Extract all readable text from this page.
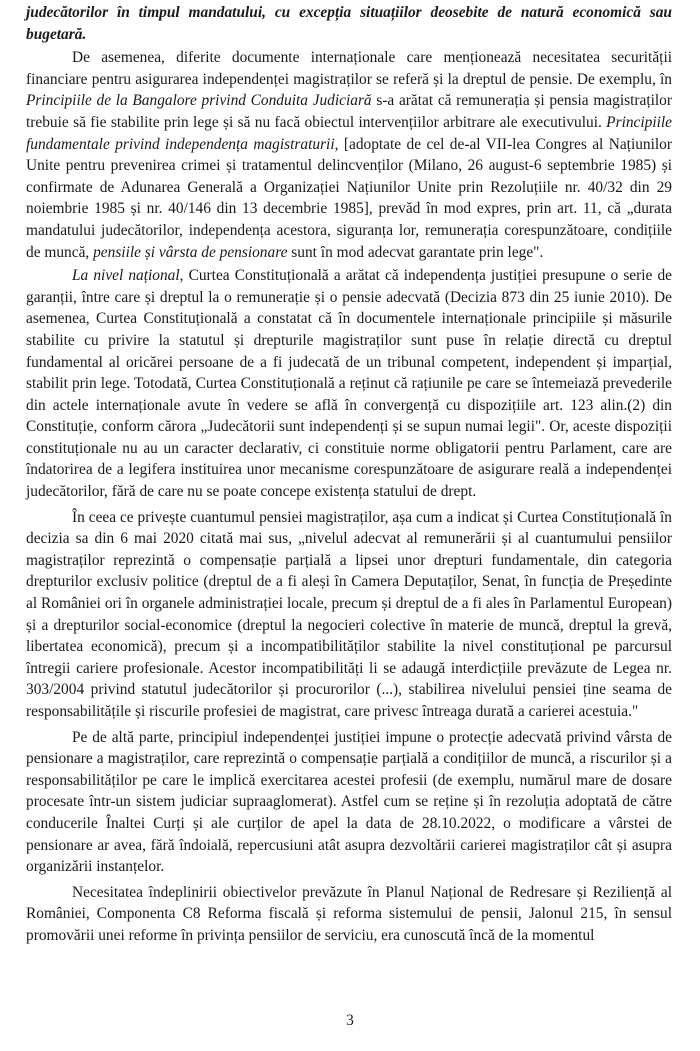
judecătorilor în timpul mandatului, cu excepția situațiilor deosebite de natură economică sau bugetară.

De asemenea, diferite documente internaționale care menționează necesitatea securității financiare pentru asigurarea independenței magistraților se referă și la dreptul de pensie. De exemplu, în Principiile de la Bangalore privind Conduita Judiciară s-a arătat că remunerația și pensia magistraților trebuie să fie stabilite prin lege și să nu facă obiectul intervențiilor arbitrare ale executivului. Principiile fundamentale privind independența magistraturii, [adoptate de cel de-al VII-lea Congres al Națiunilor Unite pentru prevenirea crimei și tratamentul delincvenților (Milano, 26 august-6 septembrie 1985) și confirmate de Adunarea Generală a Organizației Națiunilor Unite prin Rezoluțiile nr. 40/32 din 29 noiembrie 1985 și nr. 40/146 din 13 decembrie 1985], prevăd în mod expres, prin art. 11, că „durata mandatului judecătorilor, independența acestora, siguranța lor, remunerația corespunzătoare, condițiile de muncă, pensiile și vârsta de pensionare sunt în mod adecvat garantate prin lege".

La nivel național, Curtea Constituțională a arătat că independența justiției presupune o serie de garanții, între care și dreptul la o remunerație și o pensie adecvată (Decizia 873 din 25 iunie 2010). De asemenea, Curtea Constituțională a constatat că în documentele internaționale principiile și măsurile stabilite cu privire la statutul și drepturile magistraților sunt puse în relație directă cu dreptul fundamental al oricărei persoane de a fi judecată de un tribunal competent, independent și imparțial, stabilit prin lege. Totodată, Curtea Constituțională a reținut că rațiunile pe care se întemeiază prevederile din actele internaționale avute în vedere se află în convergență cu dispozițiile art. 123 alin.(2) din Constituție, conform cărora „Judecătorii sunt independenți și se supun numai legii". Or, aceste dispoziții constituționale nu au un caracter declarativ, ci constituie norme obligatorii pentru Parlament, care are îndatorirea de a legifera instituirea unor mecanisme corespunzătoare de asigurare reală a independenței judecătorilor, fără de care nu se poate concepe existența statului de drept.

În ceea ce privește cuantumul pensiei magistraților, așa cum a indicat și Curtea Constituțională în decizia sa din 6 mai 2020 citată mai sus, „nivelul adecvat al remunerării și al cuantumului pensiilor magistraților reprezintă o compensație parțială a lipsei unor drepturi fundamentale, din categoria drepturilor exclusiv politice (dreptul de a fi aleși în Camera Deputaților, Senat, în funcția de Președinte al României ori în organele administrației locale, precum și dreptul de a fi ales în Parlamentul European) și a drepturilor social-economice (dreptul la negocieri colective în materie de muncă, dreptul la grevă, libertatea economică), precum și a incompatibilităților stabilite la nivel constituțional pe parcursul întregii cariere profesionale. Acestor incompatibilități li se adaugă interdicțiile prevăzute de Legea nr. 303/2004 privind statutul judecătorilor și procurorilor (...), stabilirea nivelului pensiei ține seama de responsabilitățile și riscurile profesiei de magistrat, care privesc întreaga durată a carierei acestuia."

Pe de altă parte, principiul independenței justiției impune o protecție adecvată privind vârsta de pensionare a magistraților, care reprezintă o compensație parțială a condițiilor de muncă, a riscurilor și a responsabilităților pe care le implică exercitarea acestei profesii (de exemplu, numărul mare de dosare procesate într-un sistem judiciar supraaglomerat). Astfel cum se reține și în rezoluția adoptată de către conducerile Înaltei Curți și ale curților de apel la data de 28.10.2022, o modificare a vârstei de pensionare ar avea, fără îndoială, repercusiuni atât asupra dezvoltării carierei magistraților cât și asupra organizării instanțelor.

Necesitatea îndeplinirii obiectivelor prevăzute în Planul Național de Redresare și Reziliență al României, Componenta C8 Reforma fiscală și reforma sistemului de pensii, Jalonul 215, în sensul promovării unei reforme în privința pensiilor de serviciu, era cunoscută încă de la momentul

3
